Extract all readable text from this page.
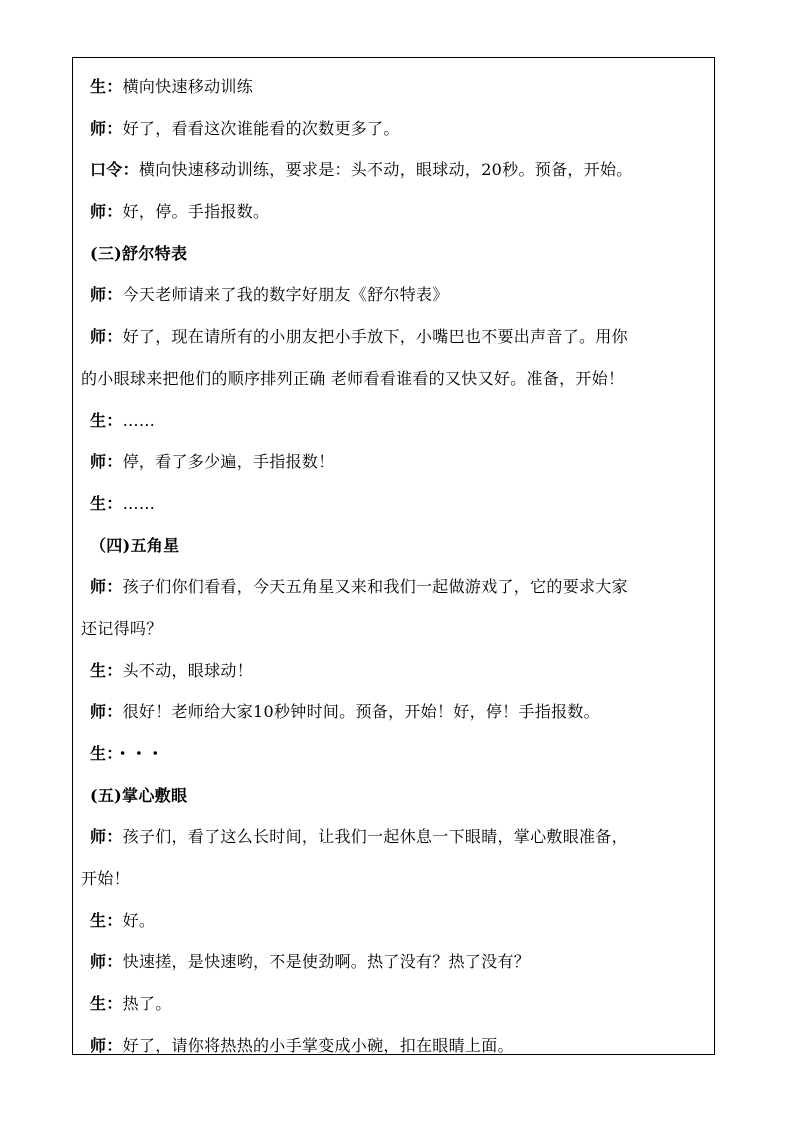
生：横向快速移动训练
师：好了，看看这次谁能看的次数更多了。
口令：横向快速移动训练，要求是：头不动，眼球动，20秒。预备，开始。
师：好，停。手指报数。
(三)舒尔特表
师：今天老师请来了我的数字好朋友《舒尔特表》
师：好了，现在请所有的小朋友把小手放下，小嘴巴也不要出声音了。用你
的小眼球来把他们的顺序排列正确 老师看看谁看的又快又好。准备，开始！
生：……
师：停，看了多少遍，手指报数！
生：……
（四)五角星
师：孩子们你们看看，今天五角星又来和我们一起做游戏了，它的要求大家
还记得吗？
生：头不动，眼球动！
师：很好！老师给大家10秒钟时间。预备，开始！好，停！手指报数。
生：・・・
(五)掌心敷眼
师：孩子们，看了这么长时间，让我们一起休息一下眼睛，掌心敷眼准备，
开始！
生：好。
师：快速搓，是快速哟，不是使劲啊。热了没有？热了没有？
生：热了。
师：好了，请你将热热的小手掌变成小碗，扣在眼睛上面。
